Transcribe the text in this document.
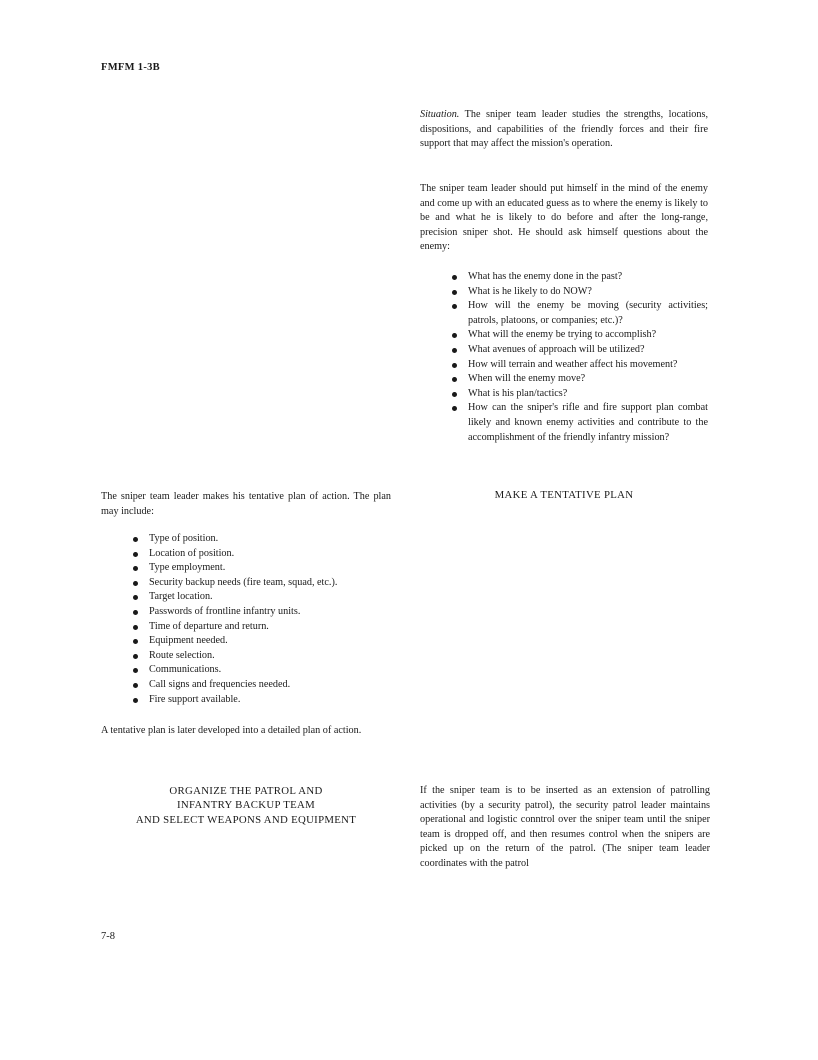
FMFM 1-3B

Situation. The sniper team leader studies the strengths, locations, dispositions, and capabilities of the friendly forces and their fire support that may affect the mission's operation.

The sniper team leader should put himself in the mind of the enemy and come up with an educated guess as to where the enemy is likely to be and what he is likely to do before and after the long-range, precision sniper shot. He should ask himself questions about the enemy:
What has the enemy done in the past?
What is he likely to do NOW?
How will the enemy be moving (security activities; patrols, platoons, or companies; etc.)?
What will the enemy be trying to accomplish?
What avenues of approach will be utilized?
How will terrain and weather affect his movement?
When will the enemy move?
What is his plan/tactics?
How can the sniper's rifle and fire support plan combat likely and known enemy activities and contribute to the accomplishment of the friendly infantry mission?
MAKE A TENTATIVE PLAN
The sniper team leader makes his tentative plan of action. The plan may include:
Type of position.
Location of position.
Type employment.
Security backup needs (fire team, squad, etc.).
Target location.
Passwords of frontline infantry units.
Time of departure and return.
Equipment needed.
Route selection.
Communications.
Call signs and frequencies needed.
Fire support available.
A tentative plan is later developed into a detailed plan of action.
ORGANIZE THE PATROL AND
INFANTRY BACKUP TEAM
AND SELECT WEAPONS AND EQUIPMENT
If the sniper team is to be inserted as an extension of patrolling activities (by a security patrol), the security patrol leader maintains operational and logistic conntrol over the sniper team until the sniper team is dropped off, and then resumes control when the snipers are picked up on the return of the patrol. (The sniper team leader coordinates with the patrol
7-8
